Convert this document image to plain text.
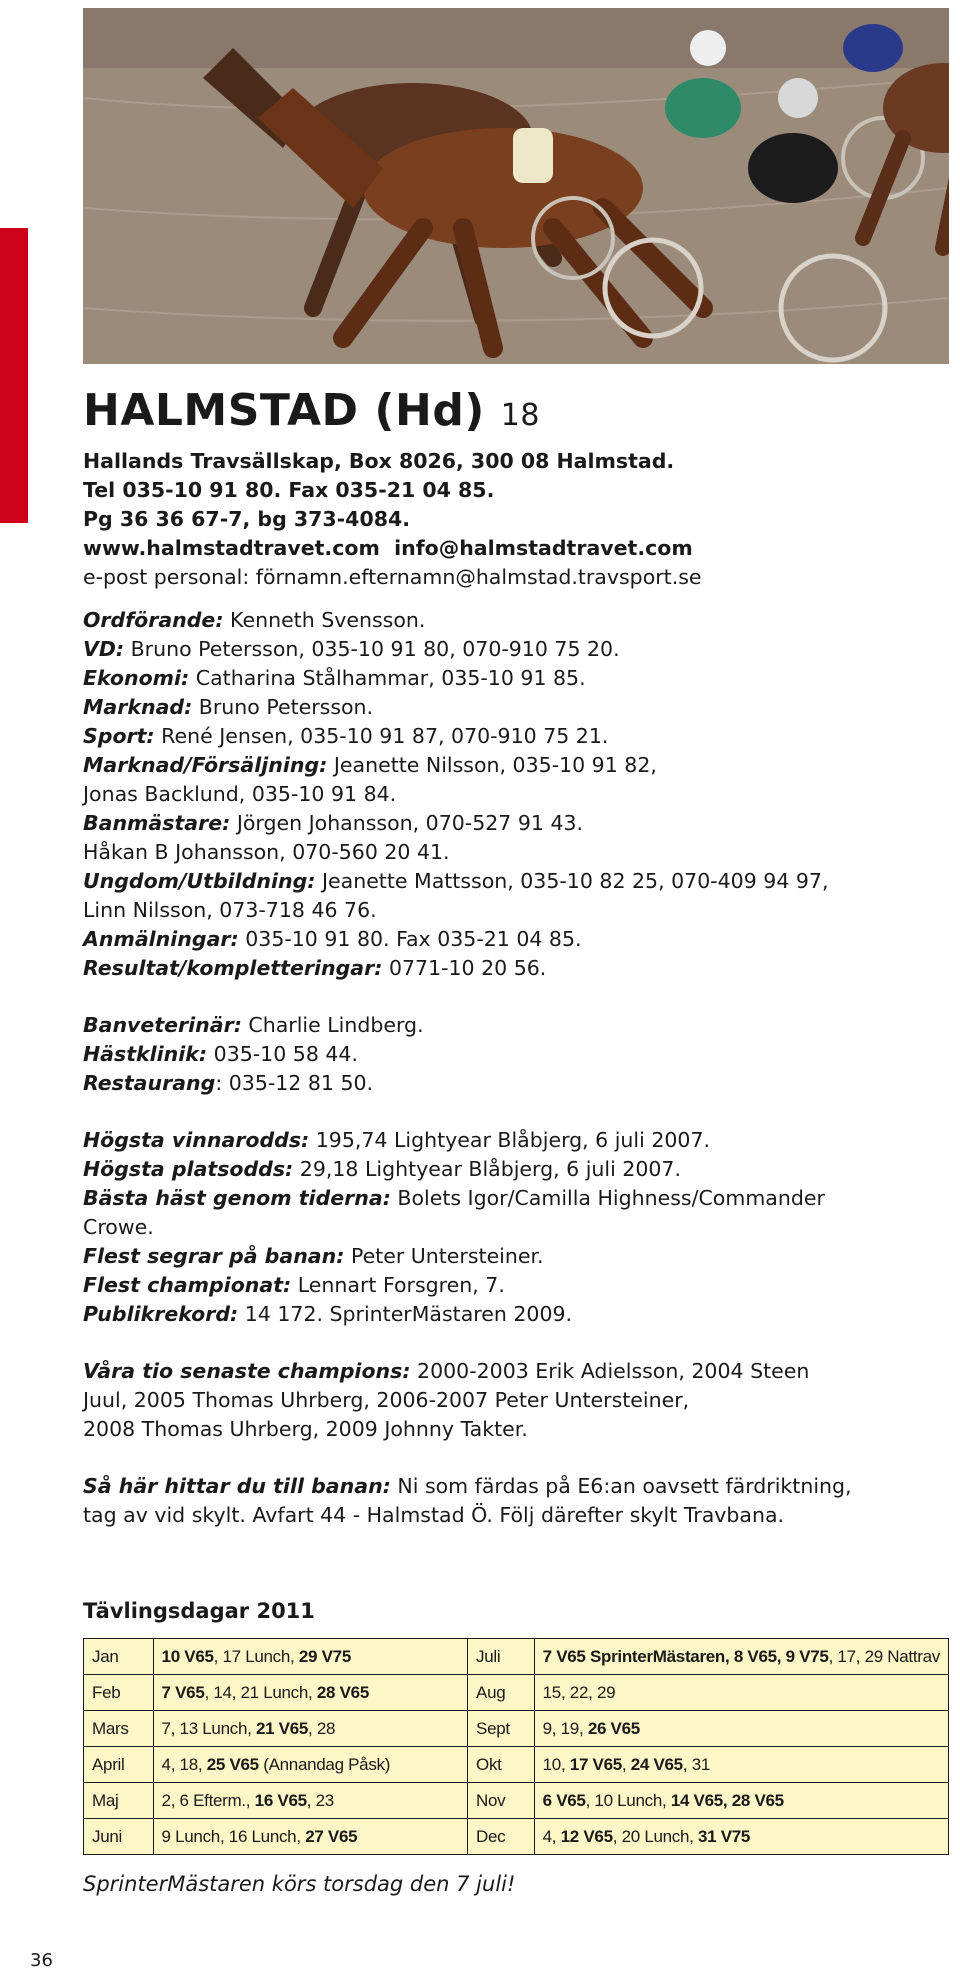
HALMSTAD (Hd) 18
Hallands Travsällskap, Box 8026, 300 08 Halmstad.
Tel 035-10 91 80. Fax 035-21 04 85.
Pg 36 36 67-7, bg 373-4084.
www.halmstadtravet.com info@halmstadtravet.com
e-post personal: förnamn.efternamn@halmstad.travsport.se
Ordförande: Kenneth Svensson.
VD: Bruno Petersson, 035-10 91 80, 070-910 75 20.
Ekonomi: Catharina Stålhammar, 035-10 91 85.
Marknad: Bruno Petersson.
Sport: René Jensen, 035-10 91 87, 070-910 75 21.
Marknad/Försäljning: Jeanette Nilsson, 035-10 91 82,
Jonas Backlund, 035-10 91 84.
Banmästare: Jörgen Johansson, 070-527 91 43.
Håkan B Johansson, 070-560 20 41.
Ungdom/Utbildning: Jeanette Mattsson, 035-10 82 25, 070-409 94 97,
Linn Nilsson, 073-718 46 76.
Anmälningar: 035-10 91 80. Fax 035-21 04 85.
Resultat/kompletteringar: 0771-10 20 56.
Banveterinär: Charlie Lindberg.
Hästklinik: 035-10 58 44.
Restaurang: 035-12 81 50.
Högsta vinnarodds: 195,74 Lightyear Blåbjerg, 6 juli 2007.
Högsta platsodds: 29,18 Lightyear Blåbjerg, 6 juli 2007.
Bästa häst genom tiderna: Bolets Igor/Camilla Highness/Commander
Crowe.
Flest segrar på banan: Peter Untersteiner.
Flest championat: Lennart Forsgren, 7.
Publikrekord: 14 172. SprinterMästaren 2009.
Våra tio senaste champions: 2000-2003 Erik Adielsson, 2004 Steen
Juul, 2005 Thomas Uhrberg, 2006-2007 Peter Untersteiner,
2008 Thomas Uhrberg, 2009 Johnny Takter.
Så här hittar du till banan: Ni som färdas på E6:an oavsett färdriktning,
tag av vid skylt. Avfart 44 - Halmstad Ö. Följ därefter skylt Travbana.
Tävlingsdagar 2011
Jan	10 V65, 17 Lunch, 29 V75	Juli	7 V65 SprinterMästaren, 8 V65, 9 V75, 17, 29 Nattrav
Feb	7 V65, 14, 21 Lunch, 28 V65	Aug	15, 22, 29
Mars	7, 13 Lunch, 21 V65, 28	Sept	9, 19, 26 V65
April	4, 18, 25 V65 (Annandag Påsk)	Okt	10, 17 V65, 24 V65, 31
Maj	2, 6 Efterm., 16 V65, 23	Nov	6 V65, 10 Lunch, 14 V65, 28 V65
Juni	9 Lunch, 16 Lunch, 27 V65	Dec	4, 12 V65, 20 Lunch, 31 V75
SprinterMästaren körs torsdag den 7 juli!
36
